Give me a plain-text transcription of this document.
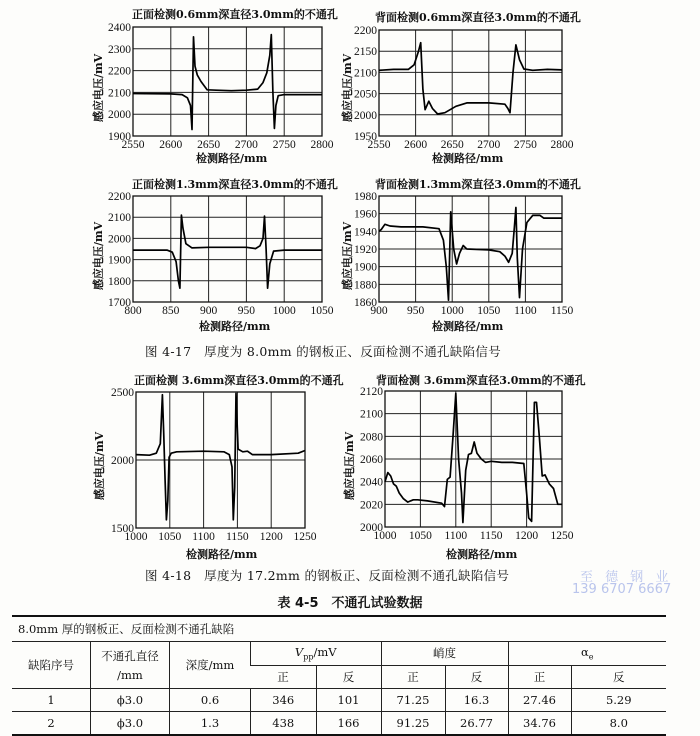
正面检测0.6mm深直径3.0mm的不通孔
感应电压/mV
检测路径/mm
背面检测0.6mm深直径3.0mm的不通孔
感应电压/mV
检测路径/mm
正面检测1.3mm深直径3.0mm的不通孔
感应电压/mV
检测路径/mm
背面检测1.3mm深直径3.0mm的不通孔
感应电压/mV
检测路径/mm
图 4-17　厚度为 8.0mm 的钢板正、反面检测不通孔缺陷信号
正面检测 3.6mm深直径3.0mm的不通孔
感应电压/mV
检测路径/mm
背面检测 3.6mm深直径3.0mm的不通孔
感应电压/mV
检测路径/mm
图 4-18　厚度为 17.2mm 的钢板正、反面检测不通孔缺陷信号
2550 2600 2650 2700 2750 2800
1900
2000
2100
2200
2300
2400
2550 2600 2650 2700 2750 2800
1950
2000
2050
2100
2150
2200
800 850 900 950 1000 1050
1700
1800
1900
2000
2100
2200
900 950 1000 1050 1100 1150
1860
1880
1900
1920
1940
1960
1980
1000 1050 1100 1150 1200 1250
1500
2000
2500
1000 1050 1100 1150 1200 1250
2000
2020
2040
2060
2080
2100
2120
至 德 钢 业
139 6707 6667
表 4-5　不通孔试验数据
8.0mm 厚的钢板正、反面检测不通孔缺陷								
缺陷序号	不通孔直径
/mm	深度/mm	$V_{pp}/mV$		峭度		$\alpha_e$
			正	反	正	反	正	反
1	ϕ3.0	0.6	346	101	71.25	16.3	27.46	5.29
2	ϕ3.0	1.3	438	166	91.25	26.77	34.76	8.0
